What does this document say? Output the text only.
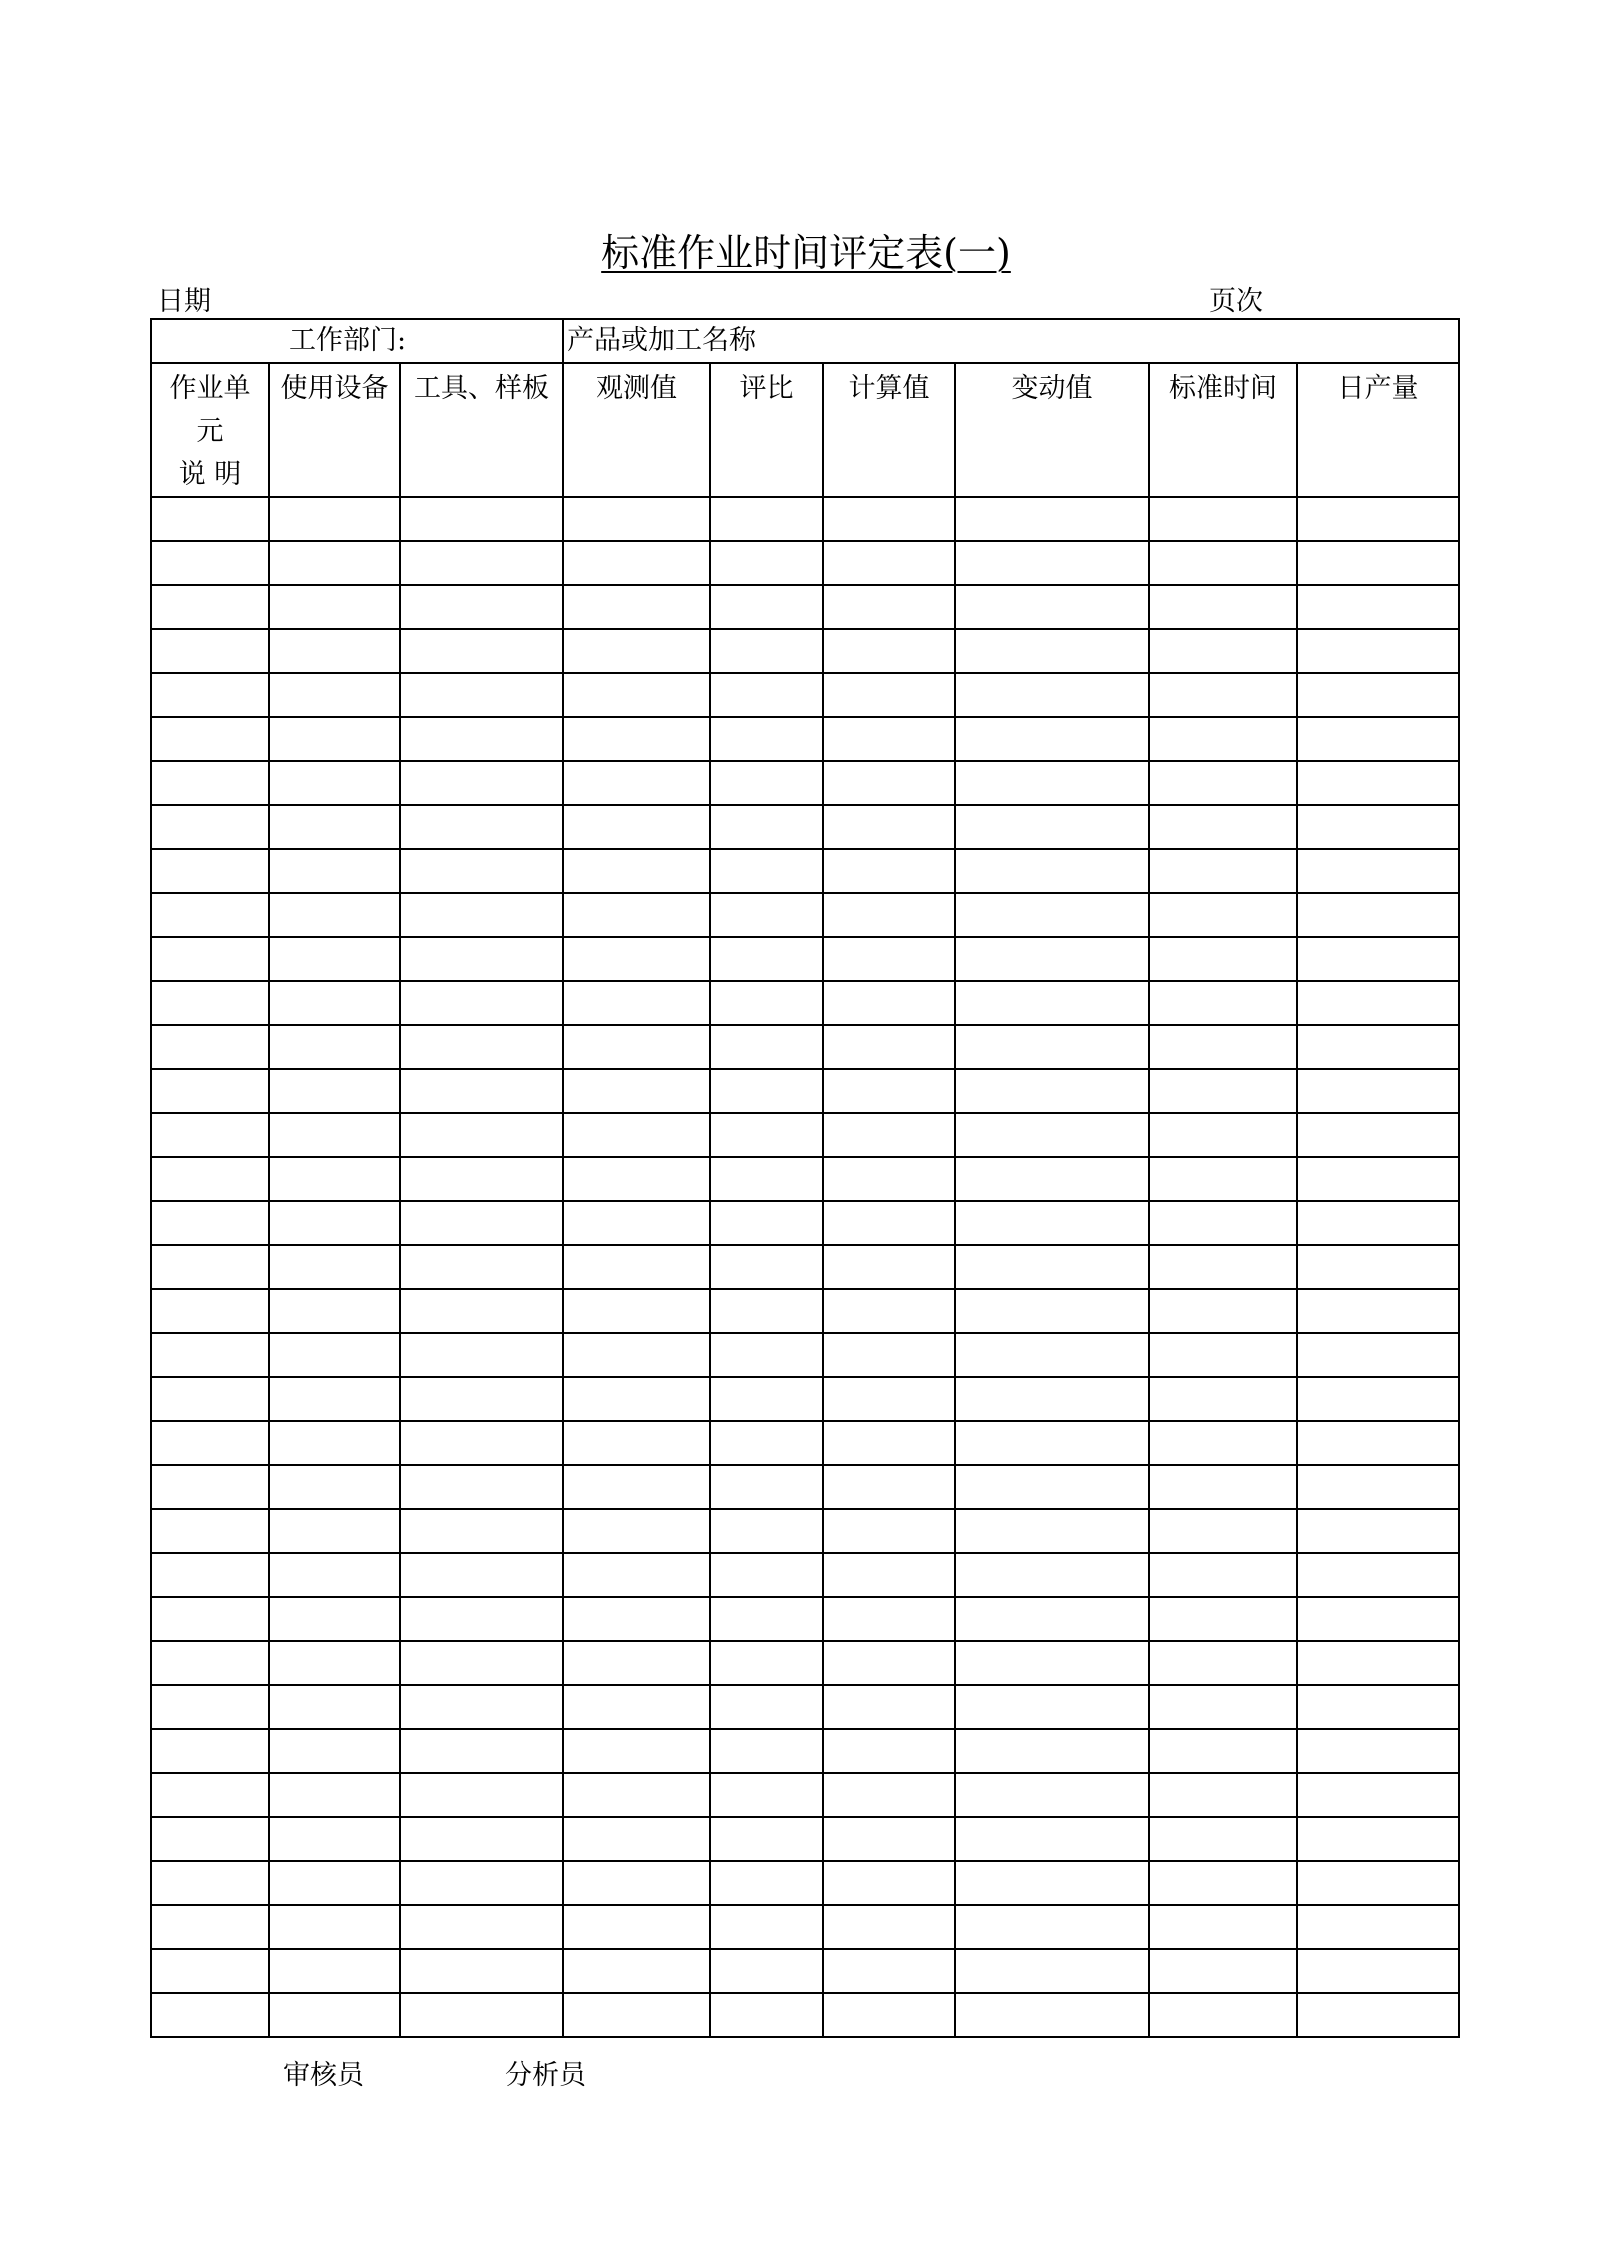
标准作业时间评定表(一)
日期	页次
工作部门:			产品或加工名称					
作业单
元
说 明	使用设备	工具、样板	观测值	评比	计算值	变动值	标准时间	日产量

审核员	分析员
